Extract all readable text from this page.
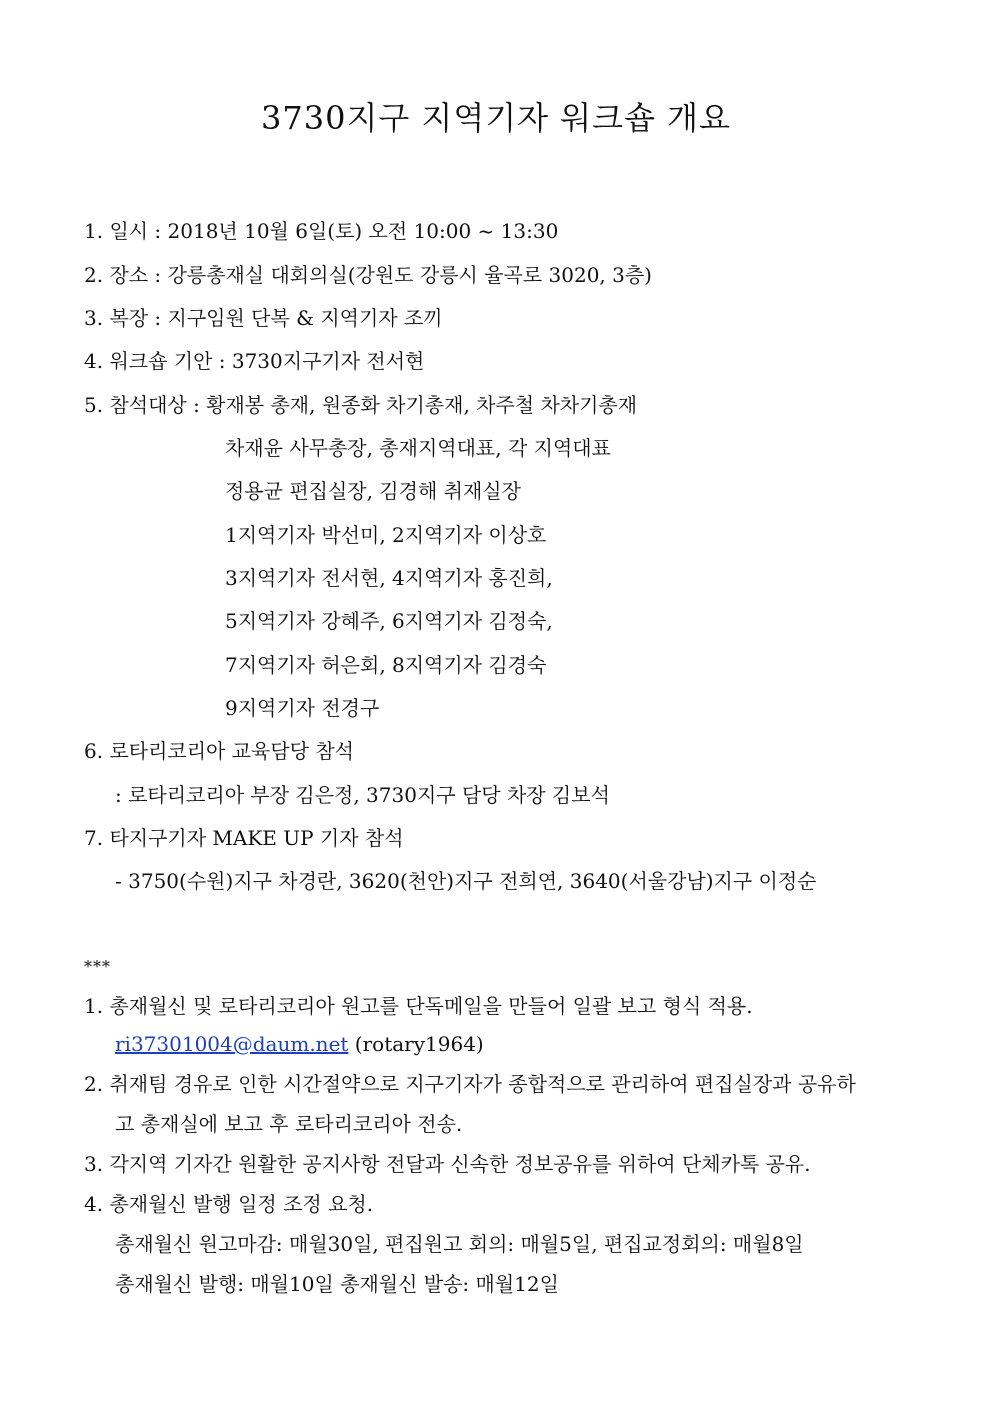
3730지구 지역기자 워크숍 개요
1. 일시 : 2018년 10월 6일(토) 오전 10:00 ~ 13:30
2. 장소 : 강릉총재실 대회의실(강원도 강릉시 율곡로 3020, 3층)
3. 복장 : 지구임원 단복 & 지역기자 조끼
4. 워크숍 기안 : 3730지구기자 전서현
5. 참석대상 : 황재봉 총재, 원종화 차기총재, 차주철 차차기총재
차재윤 사무총장, 총재지역대표, 각 지역대표
정용균 편집실장, 김경해 취재실장
1지역기자 박선미, 2지역기자 이상호
3지역기자 전서현, 4지역기자 홍진희,
5지역기자 강혜주, 6지역기자 김정숙,
7지역기자 허은회, 8지역기자 김경숙
9지역기자 전경구
6. 로타리코리아 교육담당 참석
: 로타리코리아 부장 김은정, 3730지구 담당 차장 김보석
7. 타지구기자 MAKE UP 기자 참석
- 3750(수원)지구 차경란, 3620(천안)지구 전희연, 3640(서울강남)지구 이정순
***
1. 총재월신 및 로타리코리아 원고를 단독메일을 만들어 일괄 보고 형식 적용.
ri37301004@daum.net (rotary1964)
2. 취재팀 경유로 인한 시간절약으로 지구기자가 종합적으로 관리하여 편집실장과 공유하
고 총재실에 보고 후 로타리코리아 전송.
3. 각지역 기자간 원활한 공지사항 전달과 신속한 정보공유를 위하여 단체카톡 공유.
4. 총재월신 발행 일정 조정 요청.
총재월신 원고마감: 매월30일, 편집원고 회의: 매월5일, 편집교정회의: 매월8일
총재월신 발행: 매월10일 총재월신 발송: 매월12일
